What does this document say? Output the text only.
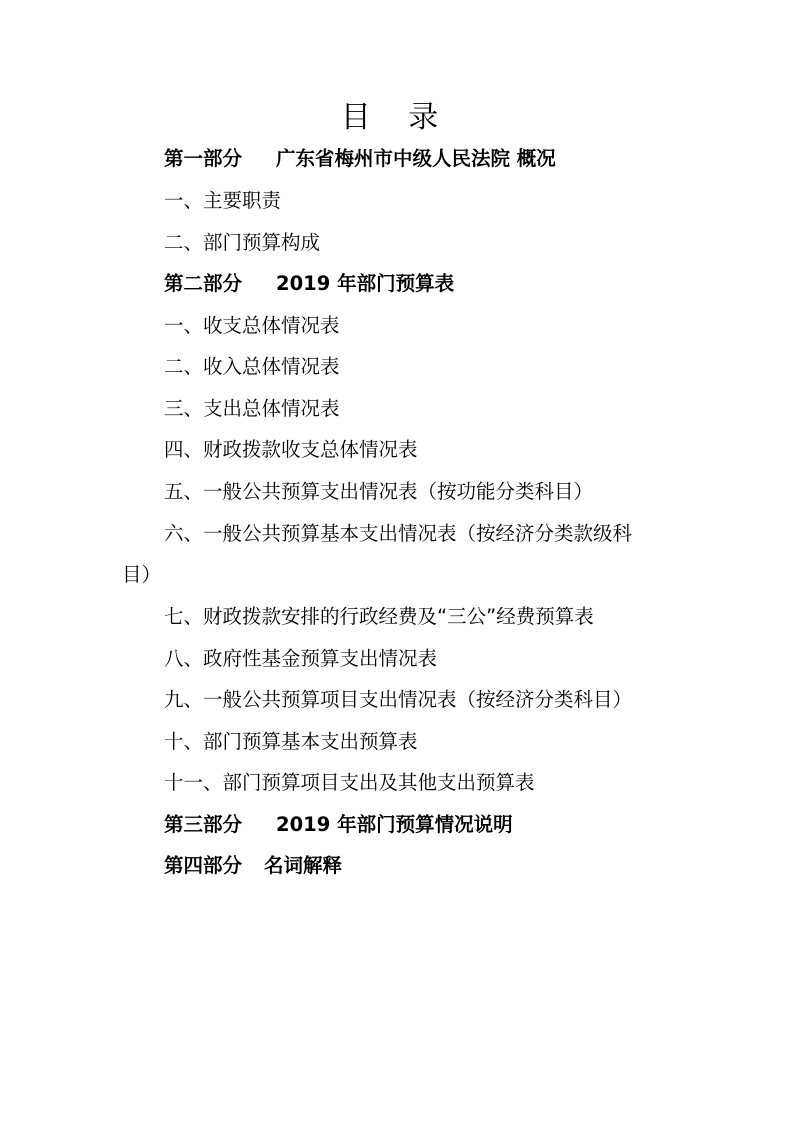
目 录
第一部分 广东省梅州市中级人民法院 概况
一、主要职责
二、部门预算构成
第二部分 2019 年部门预算表
一、收支总体情况表
二、收入总体情况表
三、支出总体情况表
四、财政拨款收支总体情况表
五、一般公共预算支出情况表（按功能分类科目）
六、一般公共预算基本支出情况表（按经济分类款级科
目）
七、财政拨款安排的行政经费及“三公”经费预算表
八、政府性基金预算支出情况表
九、一般公共预算项目支出情况表（按经济分类科目）
十、部门预算基本支出预算表
十一、部门预算项目支出及其他支出预算表
第三部分 2019 年部门预算情况说明
第四部分 名词解释
